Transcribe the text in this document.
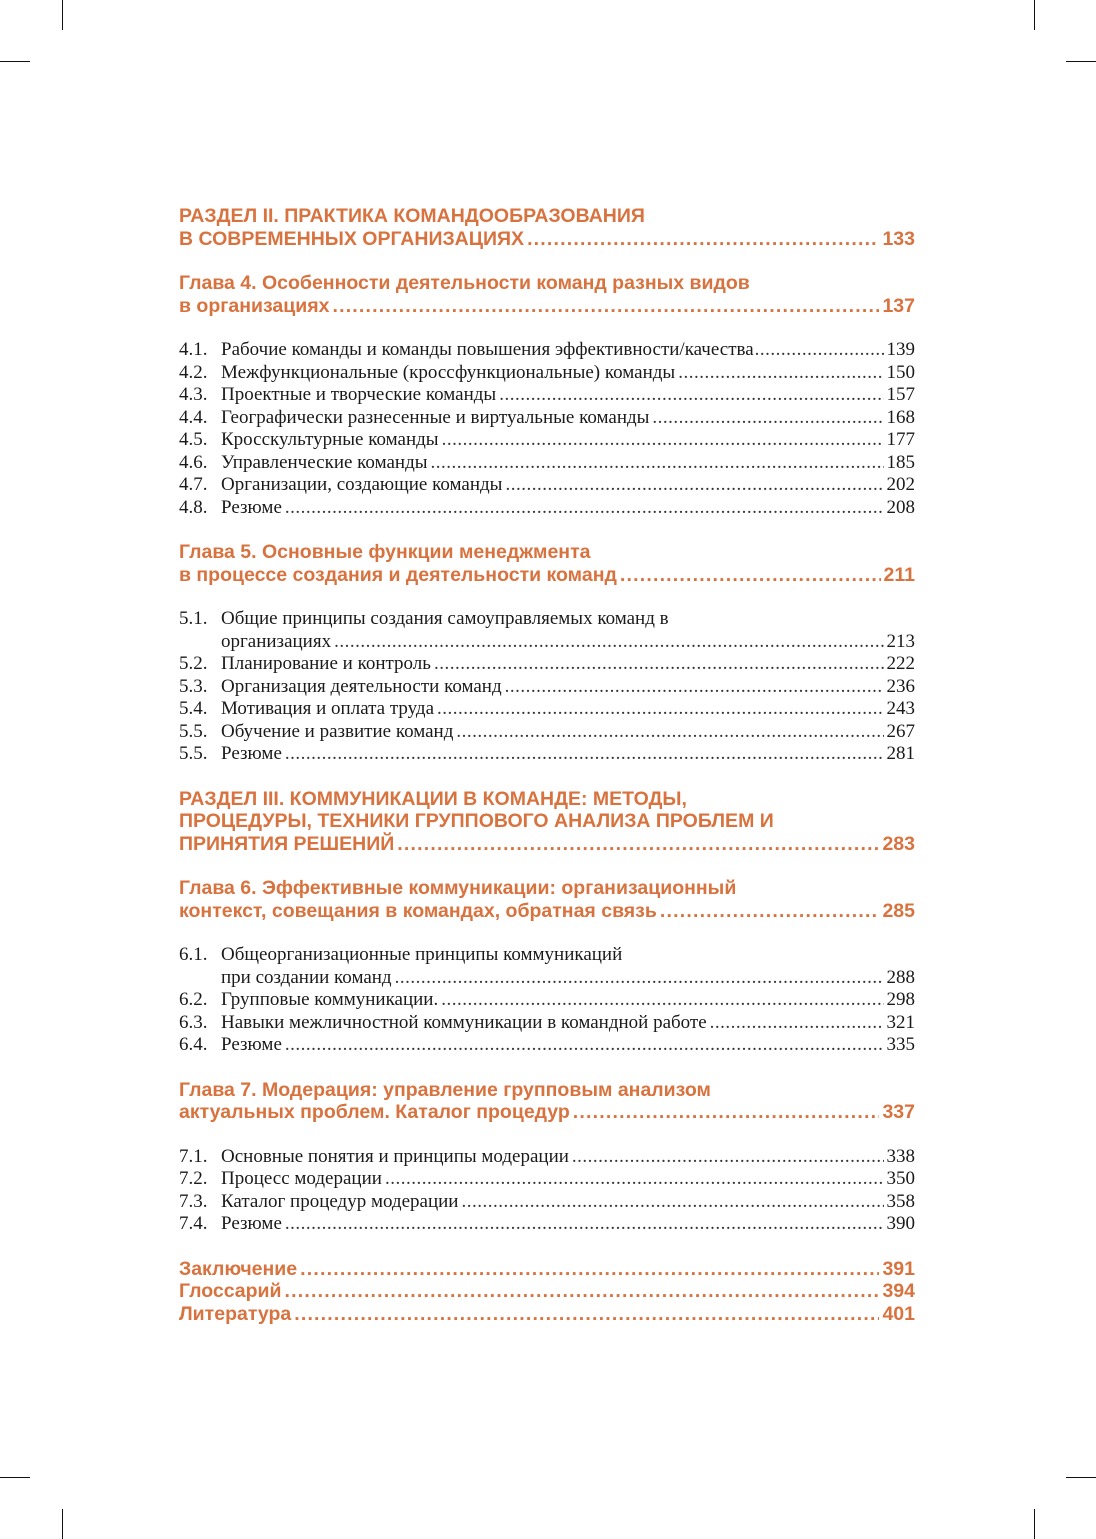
РАЗДЕЛ II. ПРАКТИКА КОМАНДООБРАЗОВАНИЯ
В СОВРЕМЕННЫХ ОРГАНИЗАЦИЯХ .....	133
Глава 4. Особенности деятельности команд разных видов
в организациях .....	137
4.1. Рабочие команды и команды повышения эффективности/качества .....	139
4.2. Межфункциональные (кроссфункциональные) команды .....	150
4.3. Проектные и творческие команды .....	157
4.4. Географически разнесенные и виртуальные команды .....	168
4.5. Кросскультурные команды .....	177
4.6. Управленческие команды .....	185
4.7. Организации, создающие команды .....	202
4.8. Резюме .....	208
Глава 5. Основные функции менеджмента
в процессе создания и деятельности команд .....	211
5.1. Общие принципы создания самоуправляемых команд в
организациях .....	213
5.2. Планирование и контроль .....	222
5.3. Организация деятельности команд .....	236
5.4. Мотивация и оплата труда .....	243
5.5. Обучение и развитие команд .....	267
5.5. Резюме .....	281
РАЗДЕЛ III. КОММУНИКАЦИИ В КОМАНДЕ: МЕТОДЫ,
ПРОЦЕДУРЫ, ТЕХНИКИ ГРУППОВОГО АНАЛИЗА ПРОБЛЕМ И
ПРИНЯТИЯ РЕШЕНИЙ .....	283
Глава 6. Эффективные коммуникации: организационный
контекст, совещания в командах, обратная связь .....	285
6.1. Общеорганизационные принципы коммуникаций
при создании команд .....	288
6.2. Групповые коммуникации. .....	298
6.3. Навыки межличностной коммуникации в командной работе .....	321
6.4. Резюме .....	335
Глава 7. Модерация: управление групповым анализом
актуальных проблем. Каталог процедур .....	337
7.1. Основные понятия и принципы модерации .....	338
7.2. Процесс модерации .....	350
7.3. Каталог процедур модерации .....	358
7.4. Резюме .....	390
Заключение .....	391
Глоссарий .....	394
Литература .....	401
